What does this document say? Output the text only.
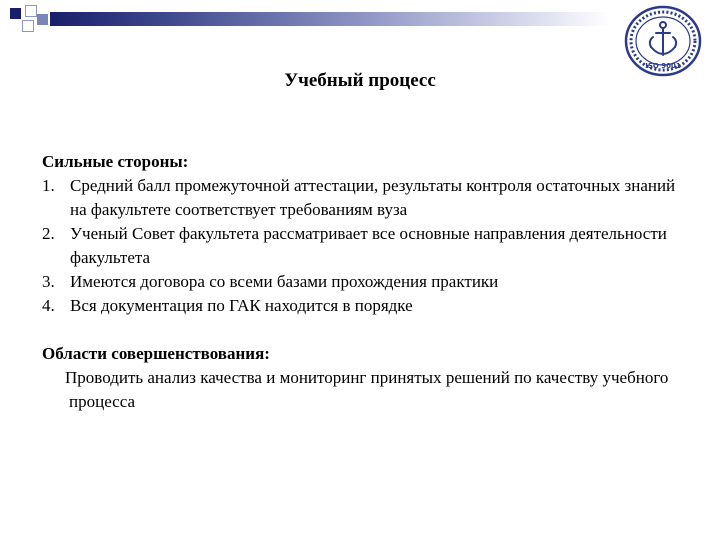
ISO 9001
Учебный процесс
Сильные стороны:
1. Средний балл промежуточной аттестации, результаты контроля остаточных знаний на факультете соответствует требованиям вуза
2. Ученый Совет факультета рассматривает все основные направления деятельности факультета
3. Имеются договора со всеми базами прохождения практики
4. Вся документация по ГАК находится в порядке
Области совершенствования:
Проводить анализ качества и мониторинг принятых решений по качеству учебного процесса
